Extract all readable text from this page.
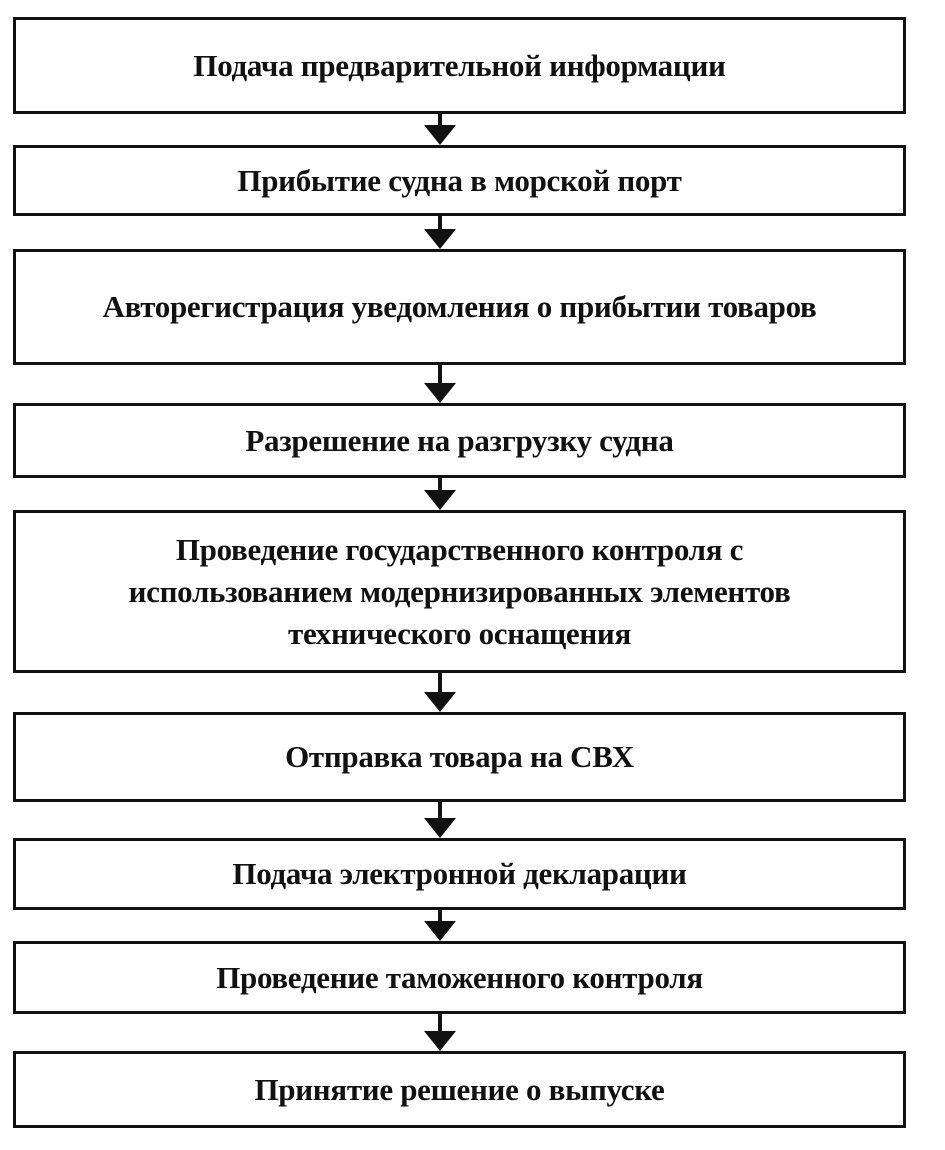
Подача предварительной информации
Прибытие судна в морской порт
Авторегистрация уведомления о прибытии товаров
Разрешение на разгрузку судна
Проведение государственного контроля с использованием модернизированных элементов технического оснащения
Отправка товара на СВХ
Подача электронной декларации
Проведение таможенного контроля
Принятие решение о выпуске
